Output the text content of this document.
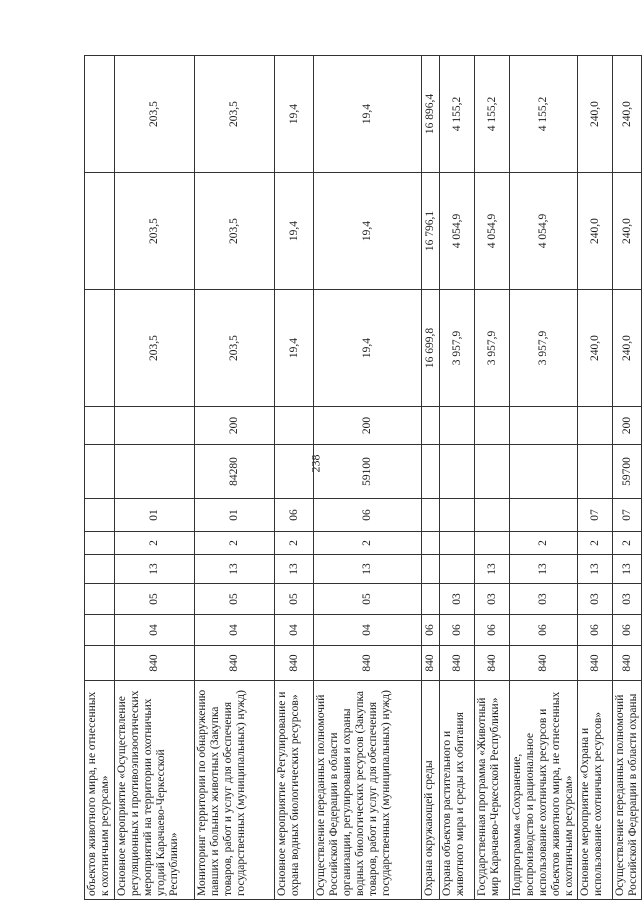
238
объектов животного мира, не отнесенных к охотничьим ресурсам»											
Основное мероприятие «Осуществление регуляционных и противоэпизоотических мероприятий на территории охотничьих угодий Карачаево-Черкесской Республики»	840	04	05	13	2	01			203,5	203,5	203,5
Мониторинг территории по обнаружению павших и больных животных (Закупка товаров, работ и услуг для обеспечения государственных (муниципальных) нужд)	840	04	05	13	2	01	84280	200	203,5	203,5	203,5
Основное мероприятие «Регулирование и охрана водных биологических ресурсов»	840	04	05	13	2	06			19,4	19,4	19,4
Осуществление переданных полномочий Российской Федерации в области организации, регулирования и охраны водных биологических ресурсов (Закупка товаров, работ и услуг для обеспечения государственных (муниципальных) нужд)	840	04	05	13	2	06	59100	200	19,4	19,4	19,4
Охрана окружающей среды	840	06							16 699,8	16 796,1	16 896,4
Охрана объектов растительного и животного мира и среды их обитания	840	06	03						3 957,9	4 054,9	4 155,2
Государственная программа «Животный мир Карачаево-Черкесской Республики»	840	06	03	13					3 957,9	4 054,9	4 155,2
Подпрограмма «Сохранение, воспроизводство и рациональное использование охотничьих ресурсов и объектов животного мира, не отнесенных к охотничьим ресурсам»	840	06	03	13	2				3 957,9	4 054,9	4 155,2
Основное мероприятие «Охрана и использование охотничьих ресурсов»	840	06	03	13	2	07			240,0	240,0	240,0
Осуществление переданных полномочий Российской Федерации в области охраны	840	06	03	13	2	07	59700	200	240,0	240,0	240,0
